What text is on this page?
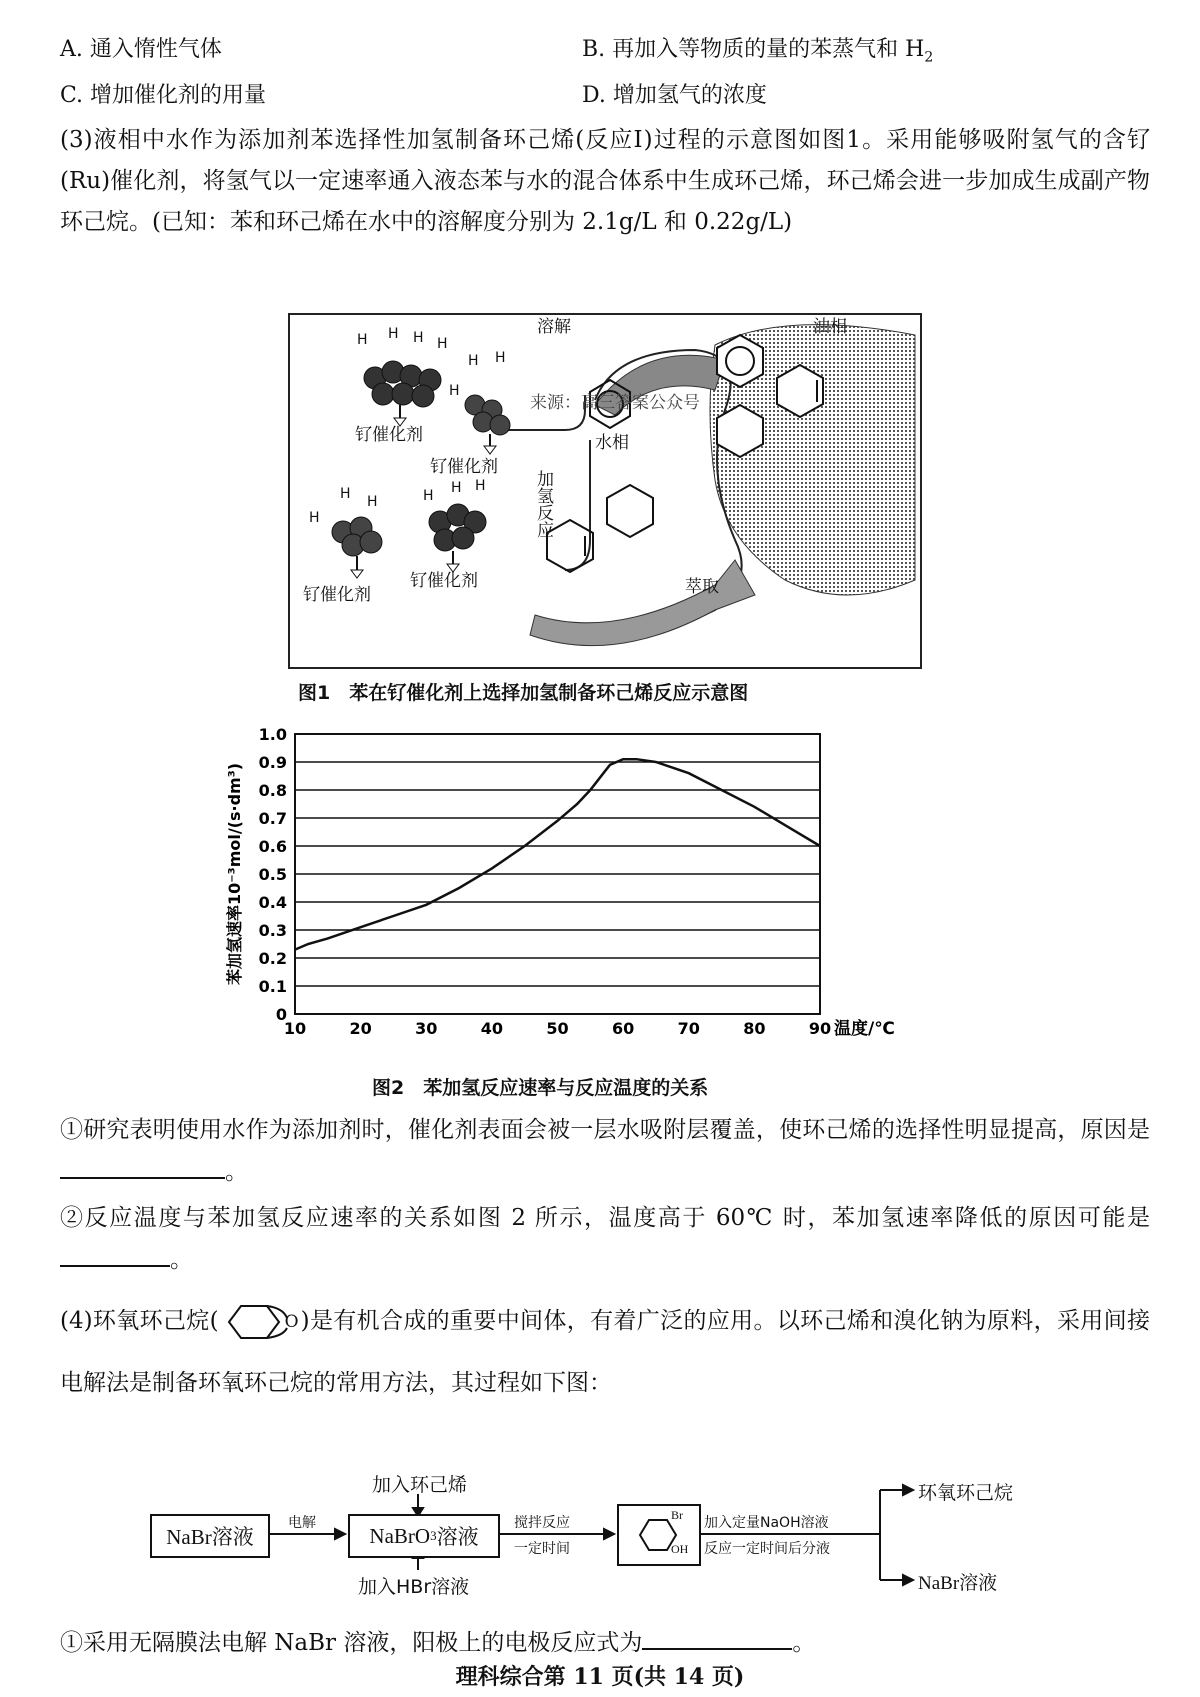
A. 通入惰性气体	B. 再加入等物质的量的苯蒸气和 $H_2$
C. 增加催化剂的用量	D. 增加氢气的浓度
(3)液相中水作为添加剂苯选择性加氢制备环己烯(反应Ⅰ)过程的示意图如图1。采用能够吸附氢气的含钌(Ru)催化剂，将氢气以一定速率通入液态苯与水的混合体系中生成环己烯，环己烯会进一步加成生成副产物环己烷。(已知：苯和环己烯在水中的溶解度分别为 2.1g/L 和 0.22g/L)
H H H H
H
H H
H
H H	H H H
溶解	油相
水相
萃取
钌催化剂
钌催化剂
钌催化剂
钌催化剂
加氢反应
来源：高三答案公众号
图1　苯在钌催化剂上选择加氢制备环己烯反应示意图
0
0.1
0.2
0.3
0.4
0.5
0.6
0.7
0.8
0.9
1.0
10	20	30	40	50	60	70	80	90 温度/℃
苯加氢速率10⁻³mol/(s·dm³)
图2　苯加氢反应速率与反应温度的关系
①研究表明使用水作为添加剂时，催化剂表面会被一层水吸附层覆盖，使环己烯的选择性明显提高，原因是。
②反应温度与苯加氢反应速率的关系如图 2 所示，温度高于 60℃ 时，苯加氢速率降低的原因可能是。
(4)环氧环己烷(	O )是有机合成的重要中间体，有着广泛的应用。以环己烯和溴化钠为原料，采用间接电解法是制备环氧环己烷的常用方法，其过程如下图：
NaBr溶液
电解
加入环己烯
NaBrO 3 溶液
加入HBr溶液
搅拌反应
一定时间
Br
OH
加入定量NaOH溶液
反应一定时间后分液
环氧环己烷
NaBr溶液
①采用无隔膜法电解 NaBr 溶液，阳极上的电极反应式为	。
理科综合第 11 页(共 14 页)
